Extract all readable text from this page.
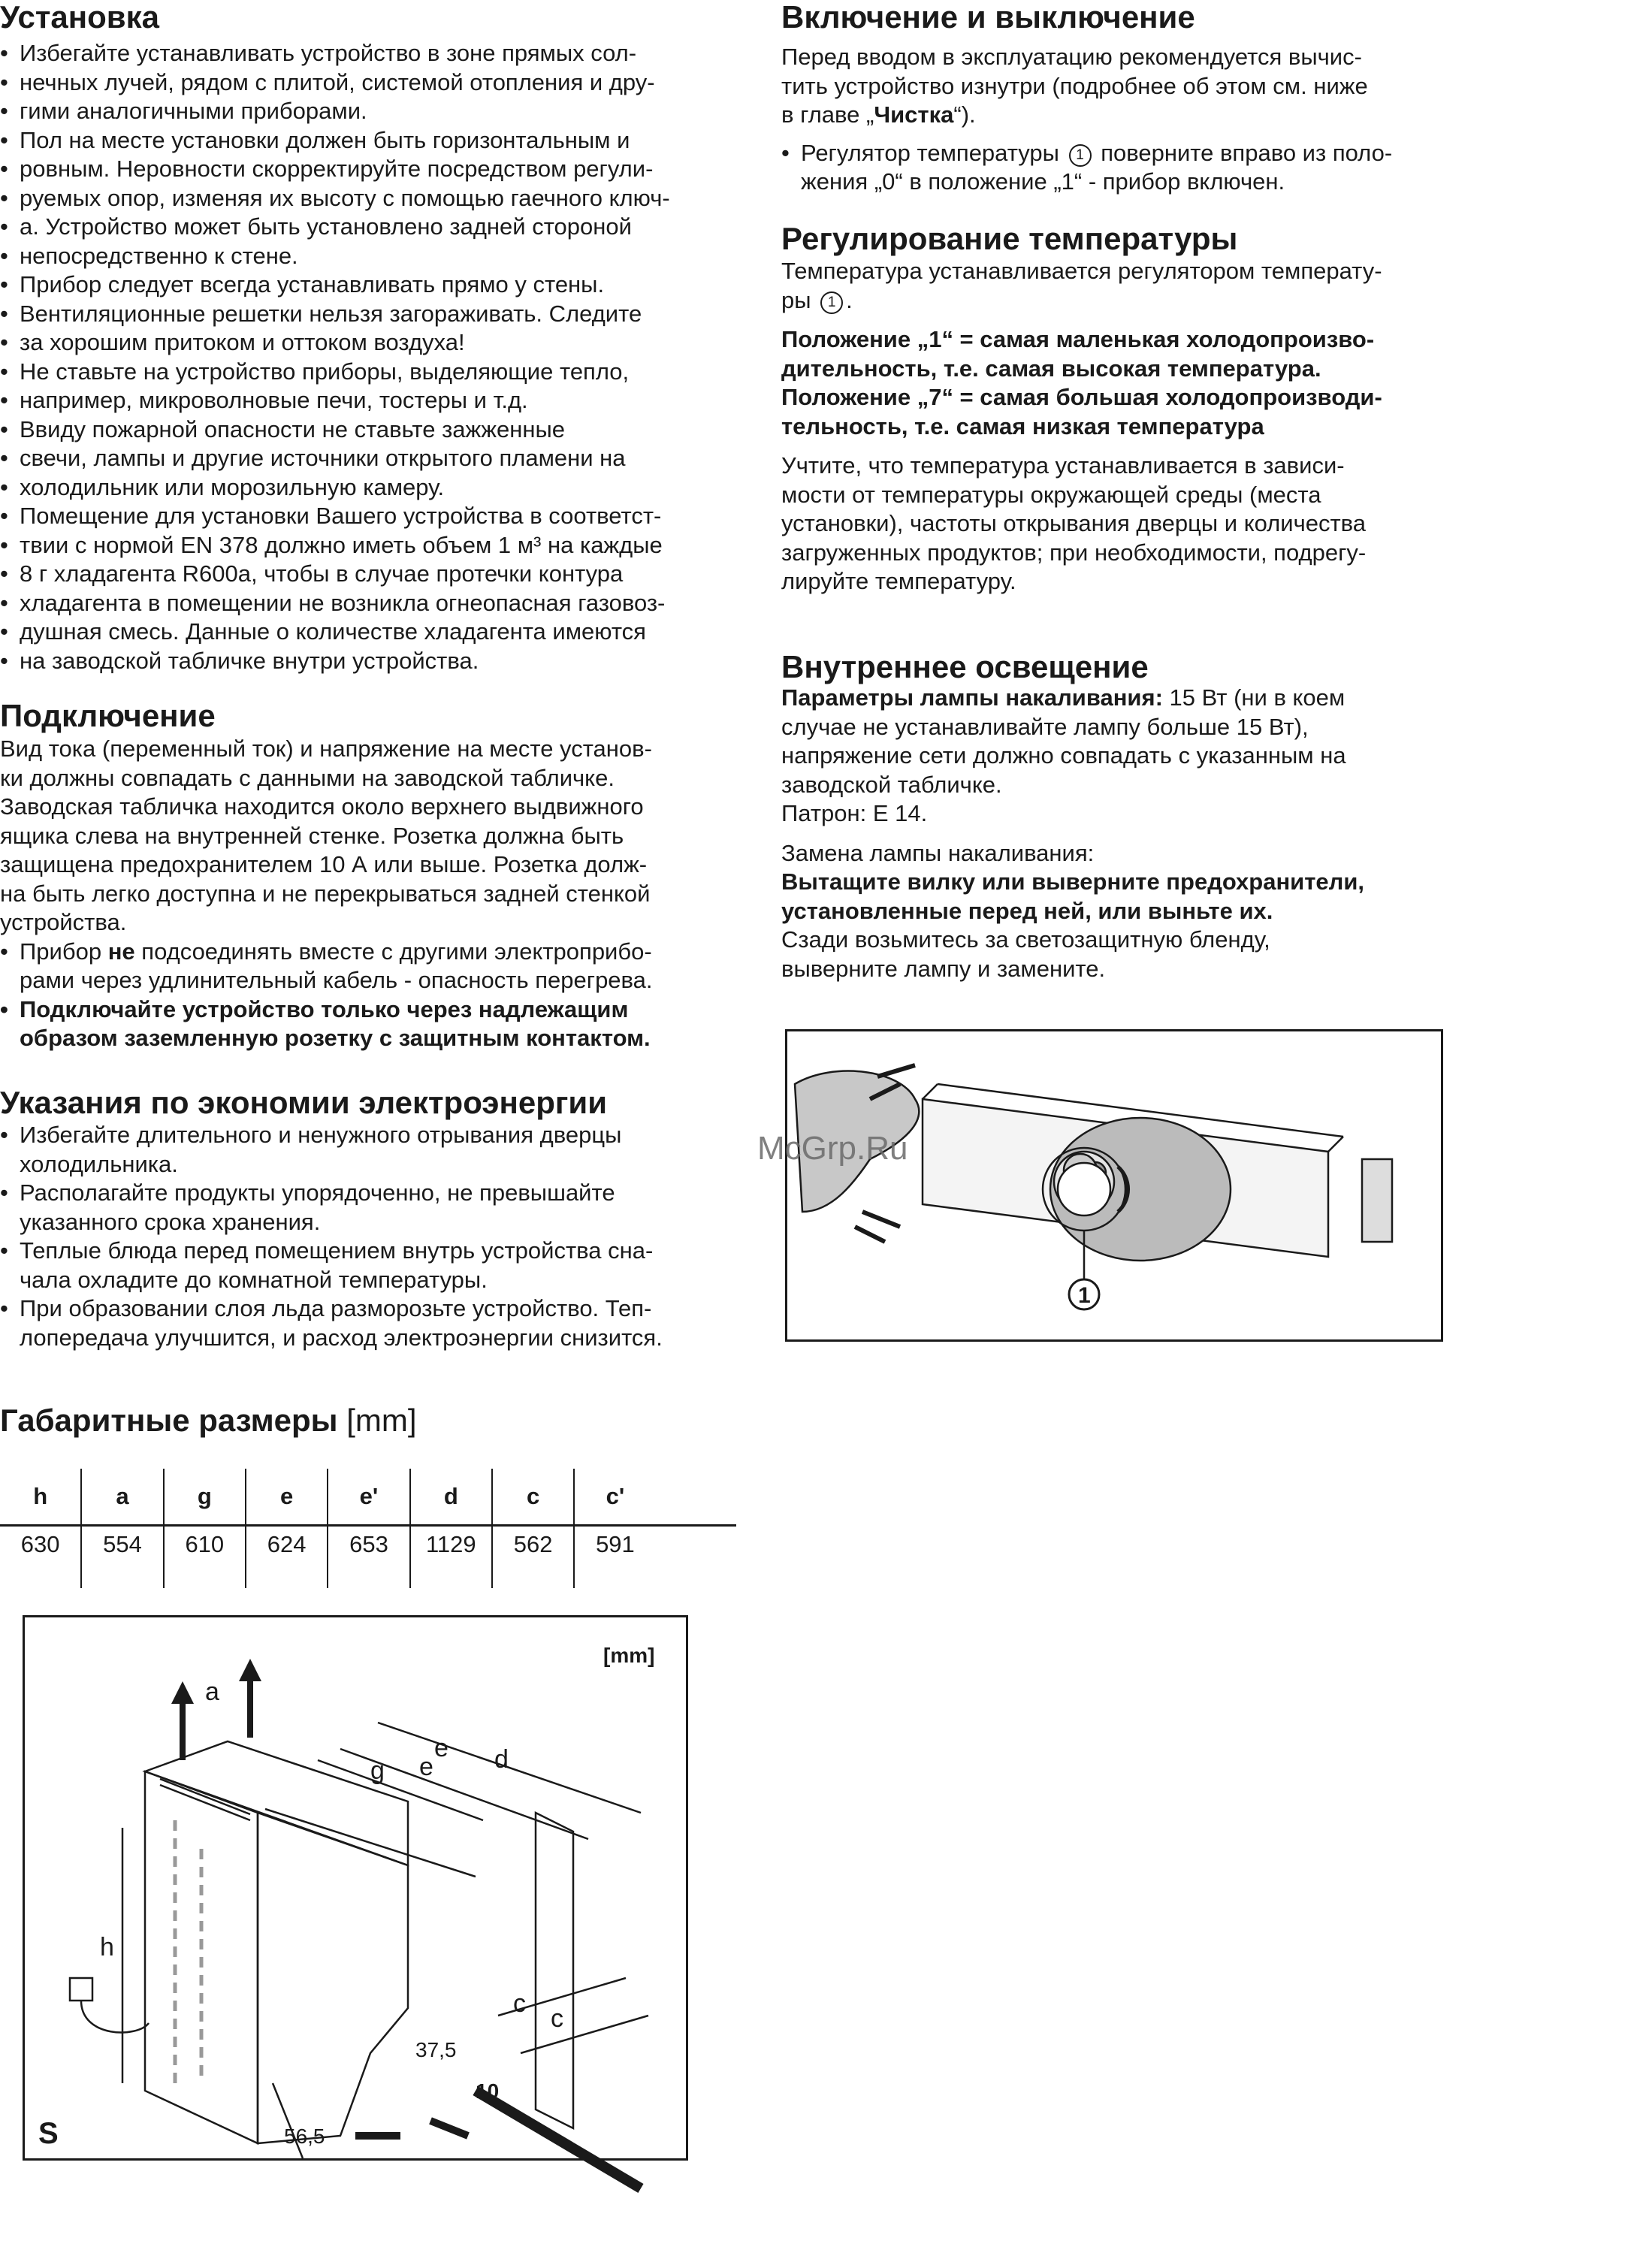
Установка
• Избегайте устанавливать устройство в зоне прямых сол-
• нечных лучей, рядом с плитой, системой отопления и дру-
• гими аналогичными приборами.
• Пол на месте установки должен быть горизонтальным и
• ровным. Неровности скорректируйте посредством регули-
• руемых опор, изменяя их высоту с помощью гаечного ключ-
• а. Устройство может быть установлено задней стороной
• непосредственно к стене.
• Прибор следует всегда устанавливать прямо у стены.
• Вентиляционные решетки нельзя загораживать. Следите
• за хорошим притоком и оттоком воздуха!
• Не ставьте на устройство приборы, выделяющие тепло,
• например, микроволновые печи, тостеры и т.д.
• Ввиду пожарной опасности не ставьте зажженные
• свечи, лампы и другие источники открытого пламени на
• холодильник или морозильную камеру.
• Помещение для установки Вашего устройства в соответст-
• твии с нормой EN 378 должно иметь объем 1 м³ на каждые
• 8 г хладагента R600a, чтобы в случае протечки контура
• хладагента в помещении не возникла огнеопасная газовоз-
• душная смесь. Данные о количестве хладагента имеются
• на заводской табличке внутри устройства.
Подключение

Вид тока (переменный ток) и напряжение на месте установ-

ки должны совпадать с данными на заводской табличке.

Заводская табличка находится около верхнего выдвижного

ящика слева на внутренней стенке. Розетка должна быть

защищена предохранителем 10 А или выше. Розетка долж-

на быть легко доступна и не перекрываться задней стенкой

устройства.

• Прибор не подсоединять вместе с другими электроприбо-
рами через удлинительный кабель - опасность перегрева.
• Подключайте устройство только через надлежащим
образом заземленную розетку с защитным контактом.
Указания по экономии электроэнергии
• Избегайте длительного и ненужного отрывания дверцы
холодильника.
• Располагайте продукты упорядоченно, не превышайте
указанного срока хранения.
• Теплые блюда перед помещением внутрь устройства сна-
чала охладите до комнатной температуры.
• При образовании слоя льда разморозьте устройство. Теп-
лопередача улучшится, и расход электроэнергии снизится.
Габаритные размеры [mm]
h	a	g	e	e'	d	c	c'	
630	554	610	624	653	1129	562	591	
[mm]
a
g e
e d
h
c
c
37,5
56,5
10
S
Включение и выключение

Перед вводом в эксплуатацию рекомендуется вычис-

тить устройство изнутри (подробнее об этом см. ниже

в главе „Чистка“).

• Регулятор температуры 1 поверните вправо из поло-
жения „0“ в положение „1“ - прибор включен.
Регулирование температуры

Температура устанавливается регулятором температу-

ры 1 .

Положение „1“ = самая маленькая холодопроизво-

дительность, т.е. самая высокая температура.

Положение „7“ = самая большая холодопроизводи-

тельность, т.е. самая низкая температура

Учтите, что температура устанавливается в зависи-

мости от температуры окружающей среды (места

установки), частоты открывания дверцы и количества

загруженных продуктов; при необходимости, подрегу-

лируйте температуру.

Внутреннее освещение

Параметры лампы накаливания: 15 Вт (ни в коем

случае не устанавливайте лампу больше 15 Вт),

напряжение сети должно совпадать с указанным на

заводской табличке.

Патрон: E 14.

Замена лампы накаливания:

Вытащите вилку или выверните предохранители,

установленные перед ней, или выньте их.

Сзади возьмитесь за светозащитную бленду,

выверните лампу и замените.

1
McGrp.Ru
